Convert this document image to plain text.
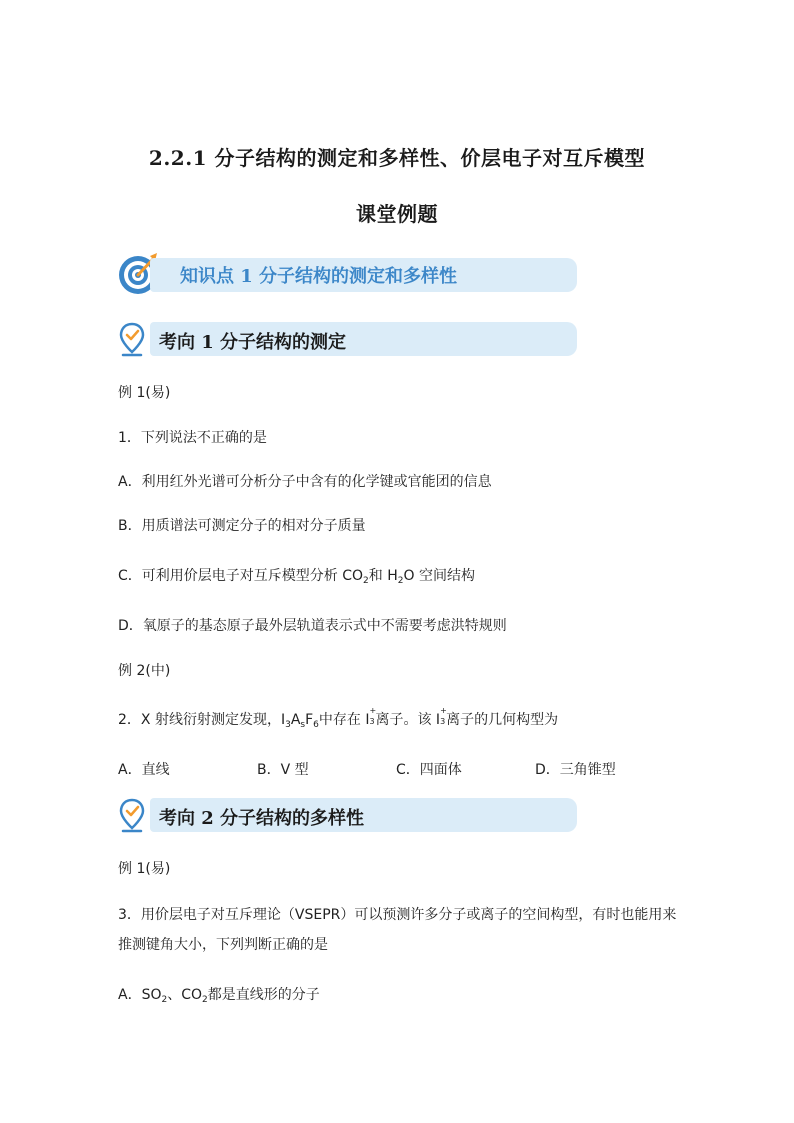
2.2.1 分子结构的测定和多样性、价层电子对互斥模型
课堂例题
知识点 1 分子结构的测定和多样性
考向 1 分子结构的测定
例 1(易)
1．下列说法不正确的是
A．利用红外光谱可分析分子中含有的化学键或官能团的信息
B．用质谱法可测定分子的相对分子质量
C．可利用价层电子对互斥模型分析 $CO_2$和 $H_2O$ 空间结构
D．氧原子的基态原子最外层轨道表示式中不需要考虑洪特规则
例 2(中)
2．X 射线衍射测定发现，$I_3A_sF_6$中存在 I
+
3 离子。该 I
+
3 离子的几何构型为
A．直线	B．V 型	C．四面体	D．三角锥型
考向 2 分子结构的多样性
例 1(易)
3．用价层电子对互斥理论（VSEPR）可以预测许多分子或离子的空间构型，有时也能用来
推测键角大小，下列判断正确的是
A．$SO_2$、$CO_2$都是直线形的分子
